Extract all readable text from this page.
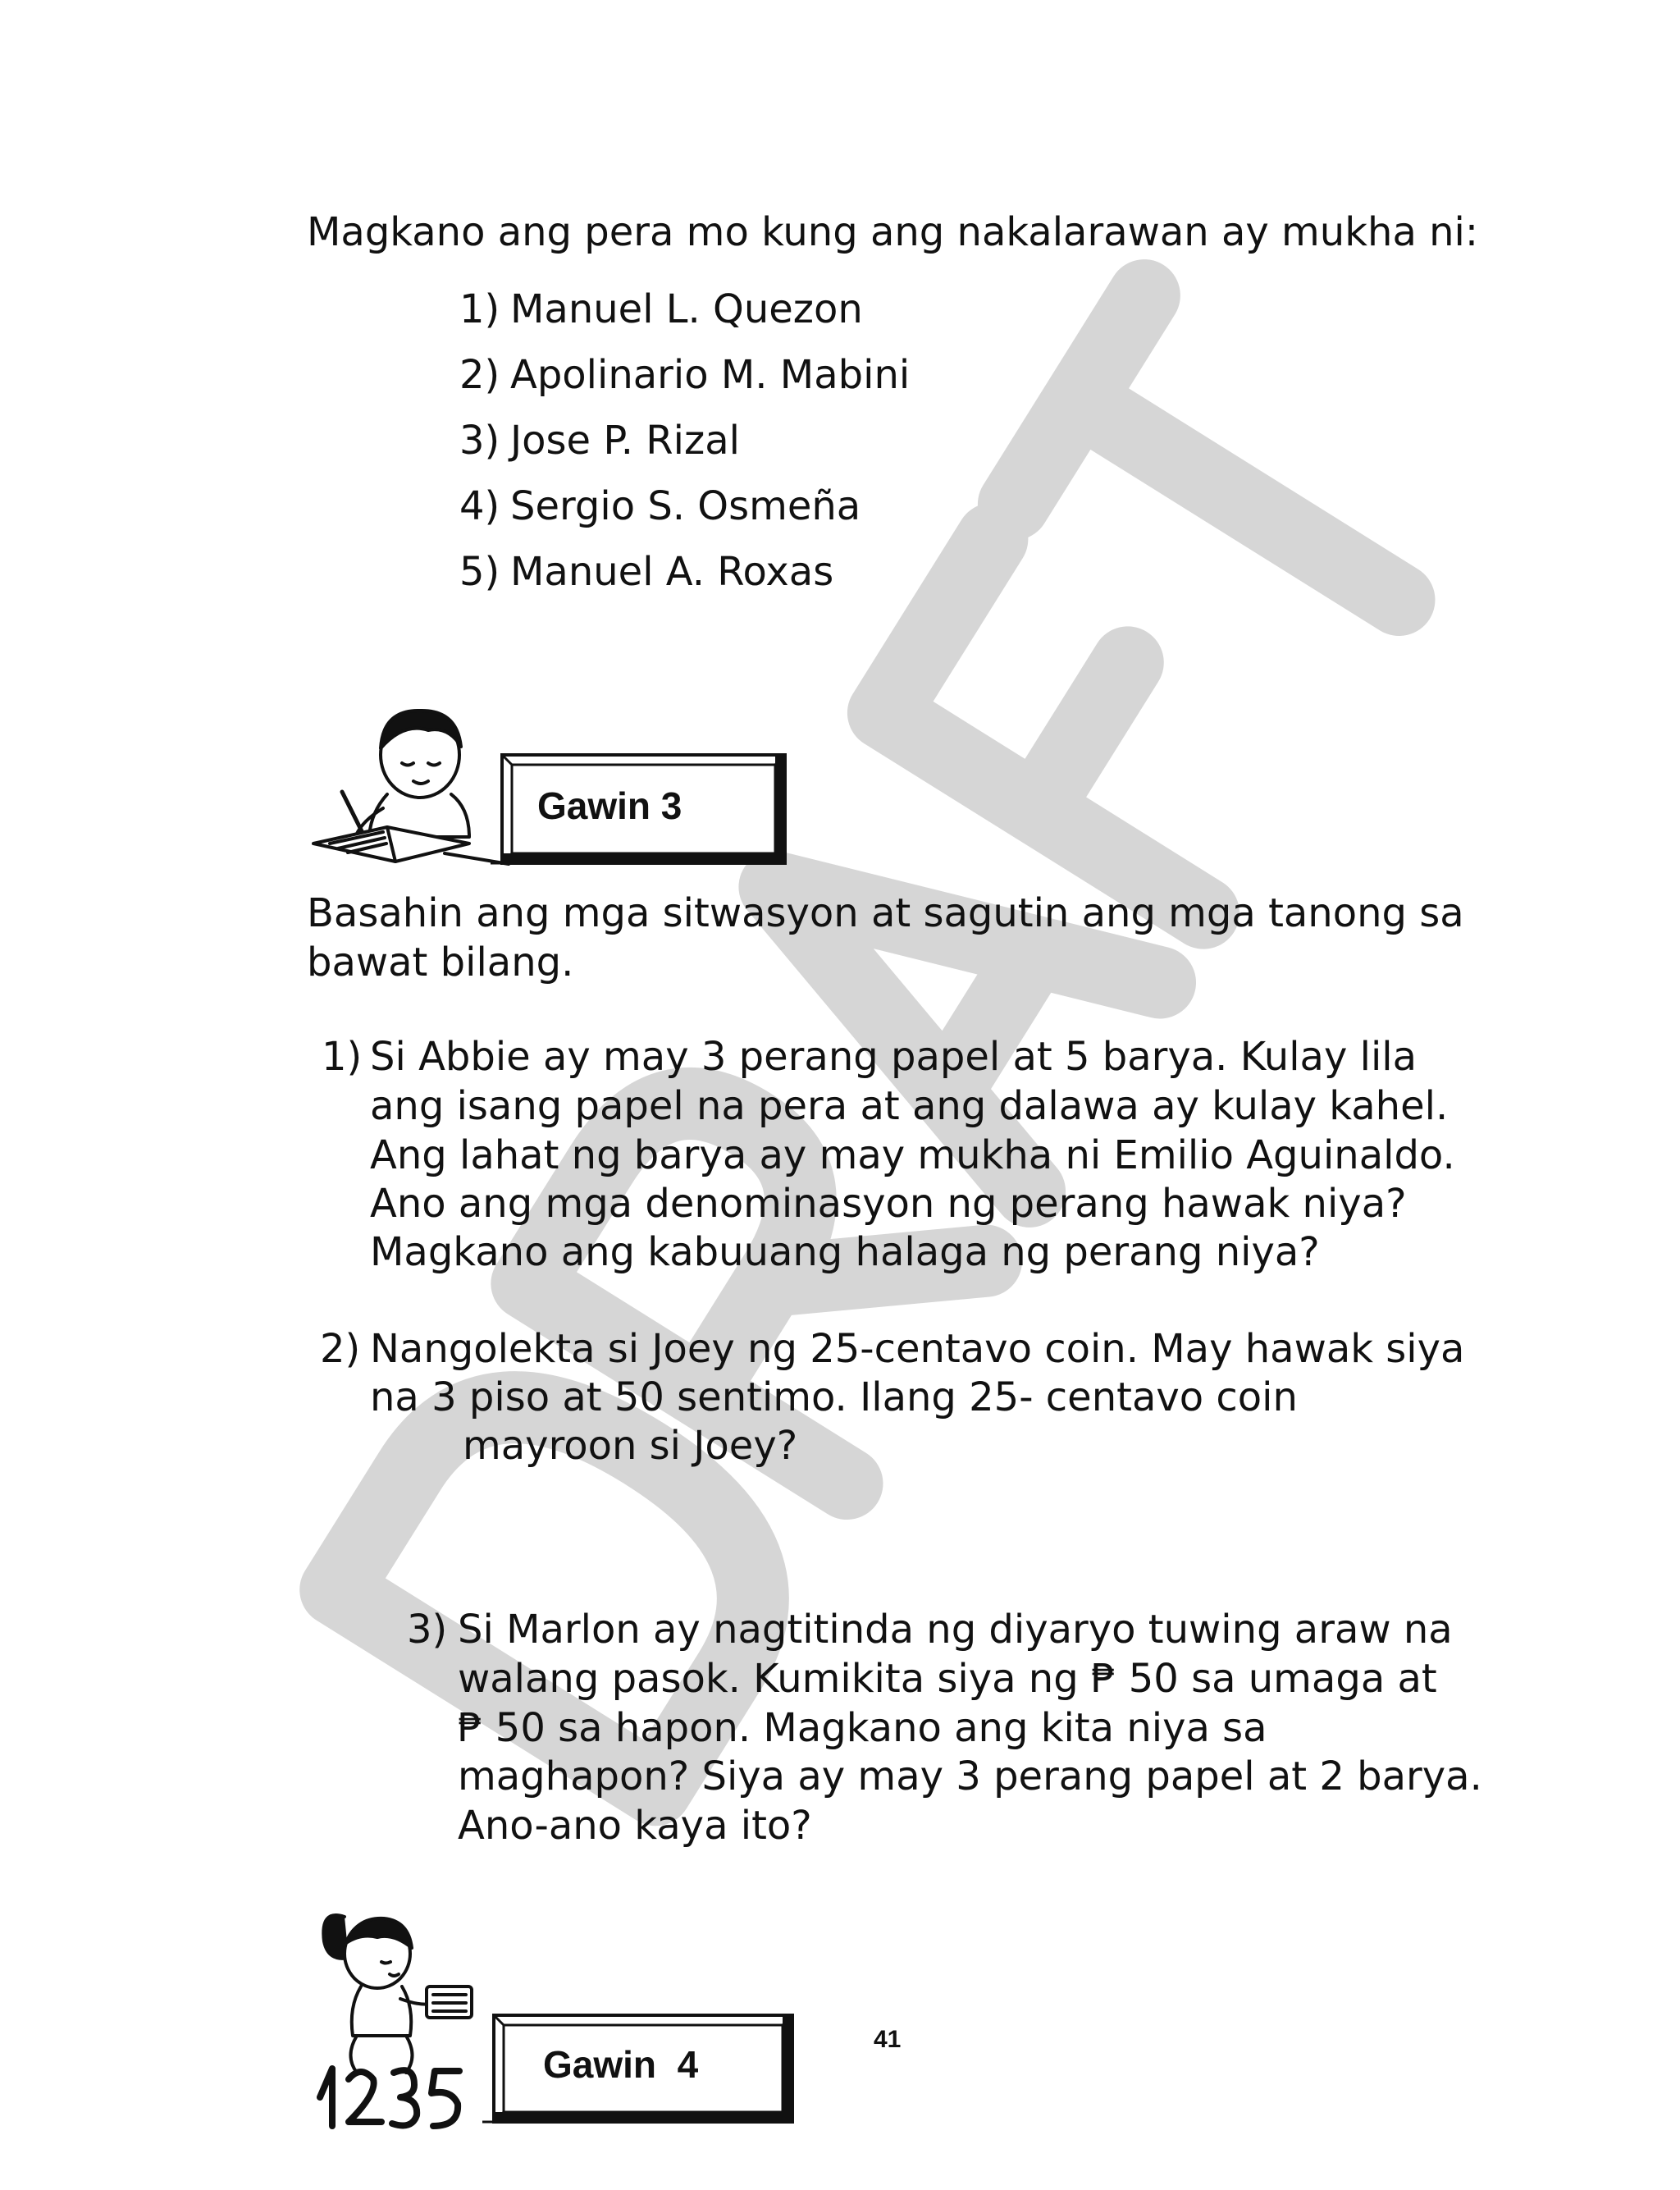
Magkano ang pera mo kung ang nakalarawan ay mukha ni:
1) Manuel L. Quezon
2) Apolinario M. Mabini
3) Jose P. Rizal
4) Sergio S. Osmeña
5) Manuel A. Roxas
Gawin 3
Basahin ang mga sitwasyon at sagutin ang mga tanong sa
bawat bilang.
1) Si Abbie ay may 3 perang papel at 5 barya. Kulay lila
ang isang papel na pera at ang dalawa ay kulay kahel.
Ang lahat ng barya ay may mukha ni Emilio Aguinaldo.
Ano ang mga denominasyon ng perang hawak niya?
Magkano ang kabuuang halaga ng perang niya?
2) Nangolekta si Joey ng 25-centavo coin. May hawak siya
na 3 piso at 50 sentimo. Ilang 25- centavo coin
mayroon si Joey?
3) Si Marlon ay nagtitinda ng diyaryo tuwing araw na
walang pasok. Kumikita siya ng ₱ 50 sa umaga at
₱ 50 sa hapon. Magkano ang kita niya sa
maghapon? Siya ay may 3 perang papel at 2 barya.
Ano-ano kaya ito?
Gawin  4
41
